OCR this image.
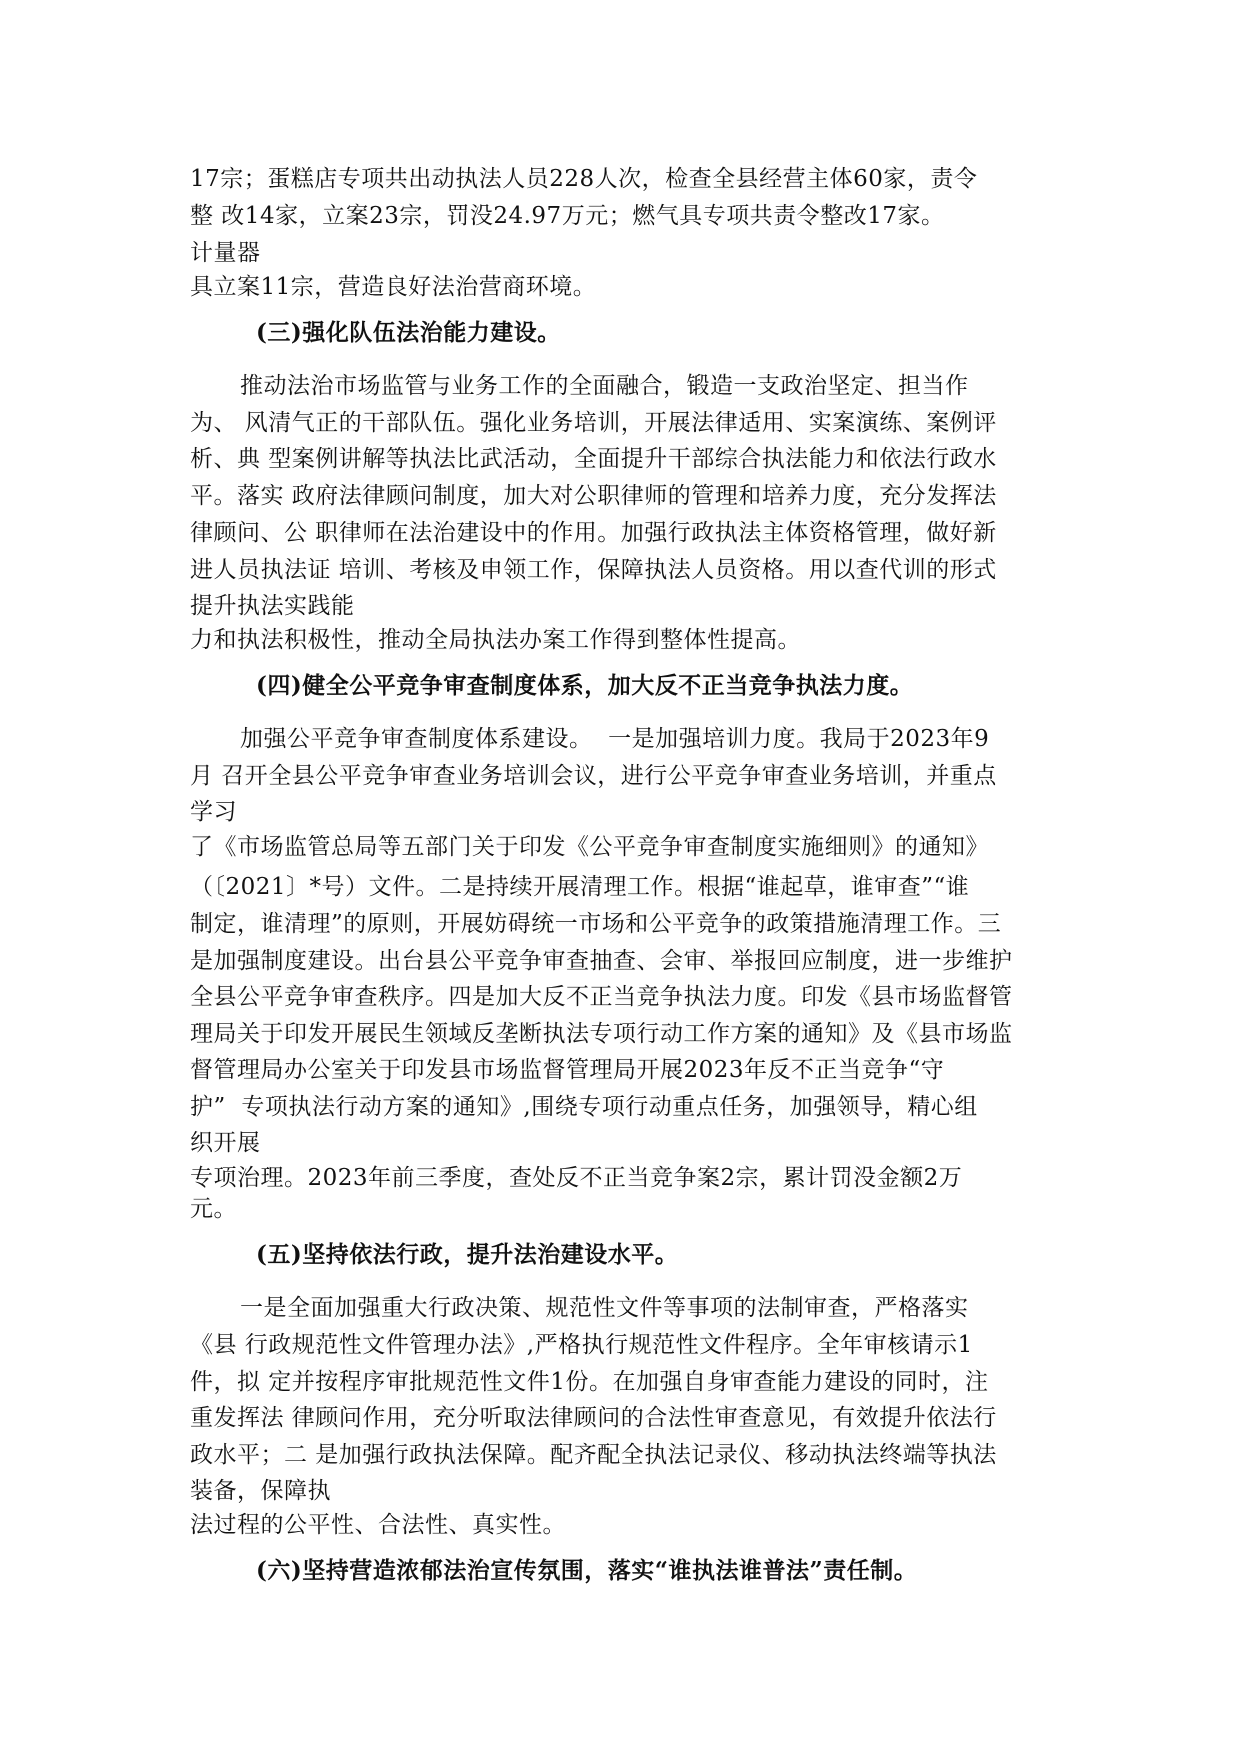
17宗；蛋糕店专项共出动执法人员228人次，检查全县经营主体60家，责令
整 改14家，立案23宗，罚没24.97万元；燃气具专项共责令整改17家。
计量器
具立案11宗，营造良好法治营商环境。
(三)强化队伍法治能力建设。
推动法治市场监管与业务工作的全面融合，锻造一支政治坚定、担当作
为、 风清气正的干部队伍。强化业务培训，开展法律适用、实案演练、案例评
析、典 型案例讲解等执法比武活动，全面提升干部综合执法能力和依法行政水
平。落实 政府法律顾问制度，加大对公职律师的管理和培养力度，充分发挥法
律顾问、公 职律师在法治建设中的作用。加强行政执法主体资格管理，做好新
进人员执法证 培训、考核及申领工作，保障执法人员资格。用以查代训的形式
提升执法实践能
力和执法积极性，推动全局执法办案工作得到整体性提高。
(四)健全公平竞争审查制度体系，加大反不正当竞争执法力度。
加强公平竞争审查制度体系建设。  一是加强培训力度。我局于2023年9
月 召开全县公平竞争审查业务培训会议，进行公平竞争审查业务培训，并重点
学习
了《市场监管总局等五部门关于印发《公平竞争审查制度实施细则》的通知》
（〔2021〕*号）文件。二是持续开展清理工作。根据“谁起草，谁审查”“谁
制定，谁清理”的原则，开展妨碍统一市场和公平竞争的政策措施清理工作。三
是加强制度建设。出台县公平竞争审查抽查、会审、举报回应制度，进一步维护
全县公平竞争审查秩序。四是加大反不正当竞争执法力度。印发《县市场监督管
理局关于印发开展民生领域反垄断执法专项行动工作方案的通知》及《县市场监
督管理局办公室关于印发县市场监督管理局开展2023年反不正当竞争“守
护”  专项执法行动方案的通知》,围绕专项行动重点任务，加强领导，精心组
织开展
专项治理。2023年前三季度，查处反不正当竞争案2宗，累计罚没金额2万
元。
(五)坚持依法行政，提升法治建设水平。
一是全面加强重大行政决策、规范性文件等事项的法制审查，严格落实
《县 行政规范性文件管理办法》,严格执行规范性文件程序。全年审核请示1
件，拟 定并按程序审批规范性文件1份。在加强自身审查能力建设的同时，注
重发挥法 律顾问作用，充分听取法律顾问的合法性审查意见，有效提升依法行
政水平；二 是加强行政执法保障。配齐配全执法记录仪、移动执法终端等执法
装备，保障执
法过程的公平性、合法性、真实性。
(六)坚持营造浓郁法治宣传氛围，落实“谁执法谁普法”责任制。
